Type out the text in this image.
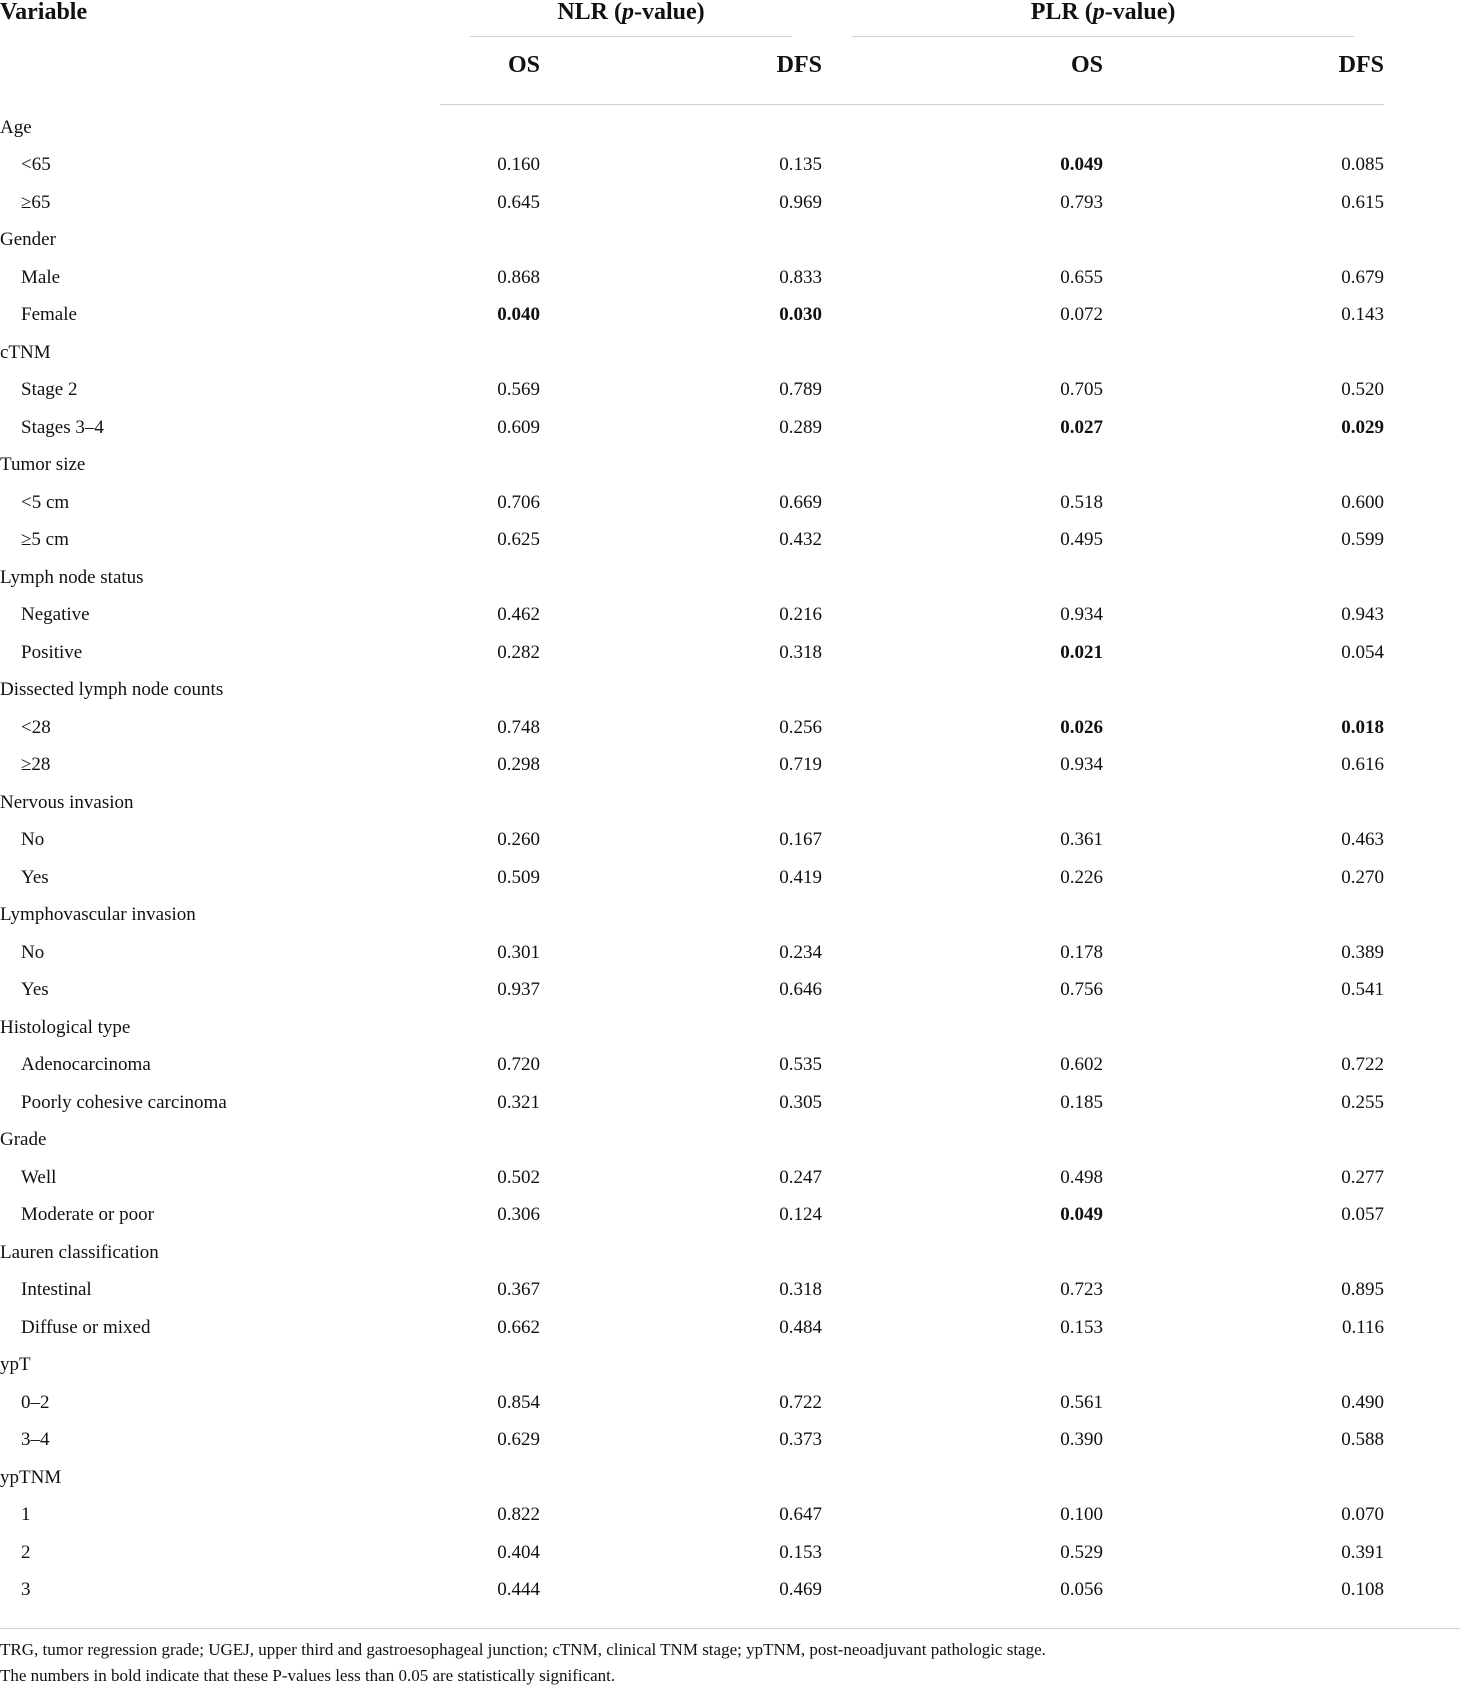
Variable	NLR (p-value)		PLR (p-value)	

	OS	DFS	OS	DFS
Age				
<65	0.160	0.135	0.049	0.085
≥65	0.645	0.969	0.793	0.615
Gender				
Male	0.868	0.833	0.655	0.679
Female	0.040	0.030	0.072	0.143
cTNM				
Stage 2	0.569	0.789	0.705	0.520
Stages 3–4	0.609	0.289	0.027	0.029
Tumor size				
<5 cm	0.706	0.669	0.518	0.600
≥5 cm	0.625	0.432	0.495	0.599
Lymph node status				
Negative	0.462	0.216	0.934	0.943
Positive	0.282	0.318	0.021	0.054
Dissected lymph node counts				
<28	0.748	0.256	0.026	0.018
≥28	0.298	0.719	0.934	0.616
Nervous invasion				
No	0.260	0.167	0.361	0.463
Yes	0.509	0.419	0.226	0.270
Lymphovascular invasion				
No	0.301	0.234	0.178	0.389
Yes	0.937	0.646	0.756	0.541
Histological type				
Adenocarcinoma	0.720	0.535	0.602	0.722
Poorly cohesive carcinoma	0.321	0.305	0.185	0.255
Grade				
Well	0.502	0.247	0.498	0.277
Moderate or poor	0.306	0.124	0.049	0.057
Lauren classification				
Intestinal	0.367	0.318	0.723	0.895
Diffuse or mixed	0.662	0.484	0.153	0.116
ypT				
0–2	0.854	0.722	0.561	0.490
3–4	0.629	0.373	0.390	0.588
ypTNM				
1	0.822	0.647	0.100	0.070
2	0.404	0.153	0.529	0.391
3	0.444	0.469	0.056	0.108

TRG, tumor regression grade; UGEJ, upper third and gastroesophageal junction; cTNM, clinical TNM stage; ypTNM, post-neoadjuvant pathologic stage.

The numbers in bold indicate that these P-values less than 0.05 are statistically significant.
